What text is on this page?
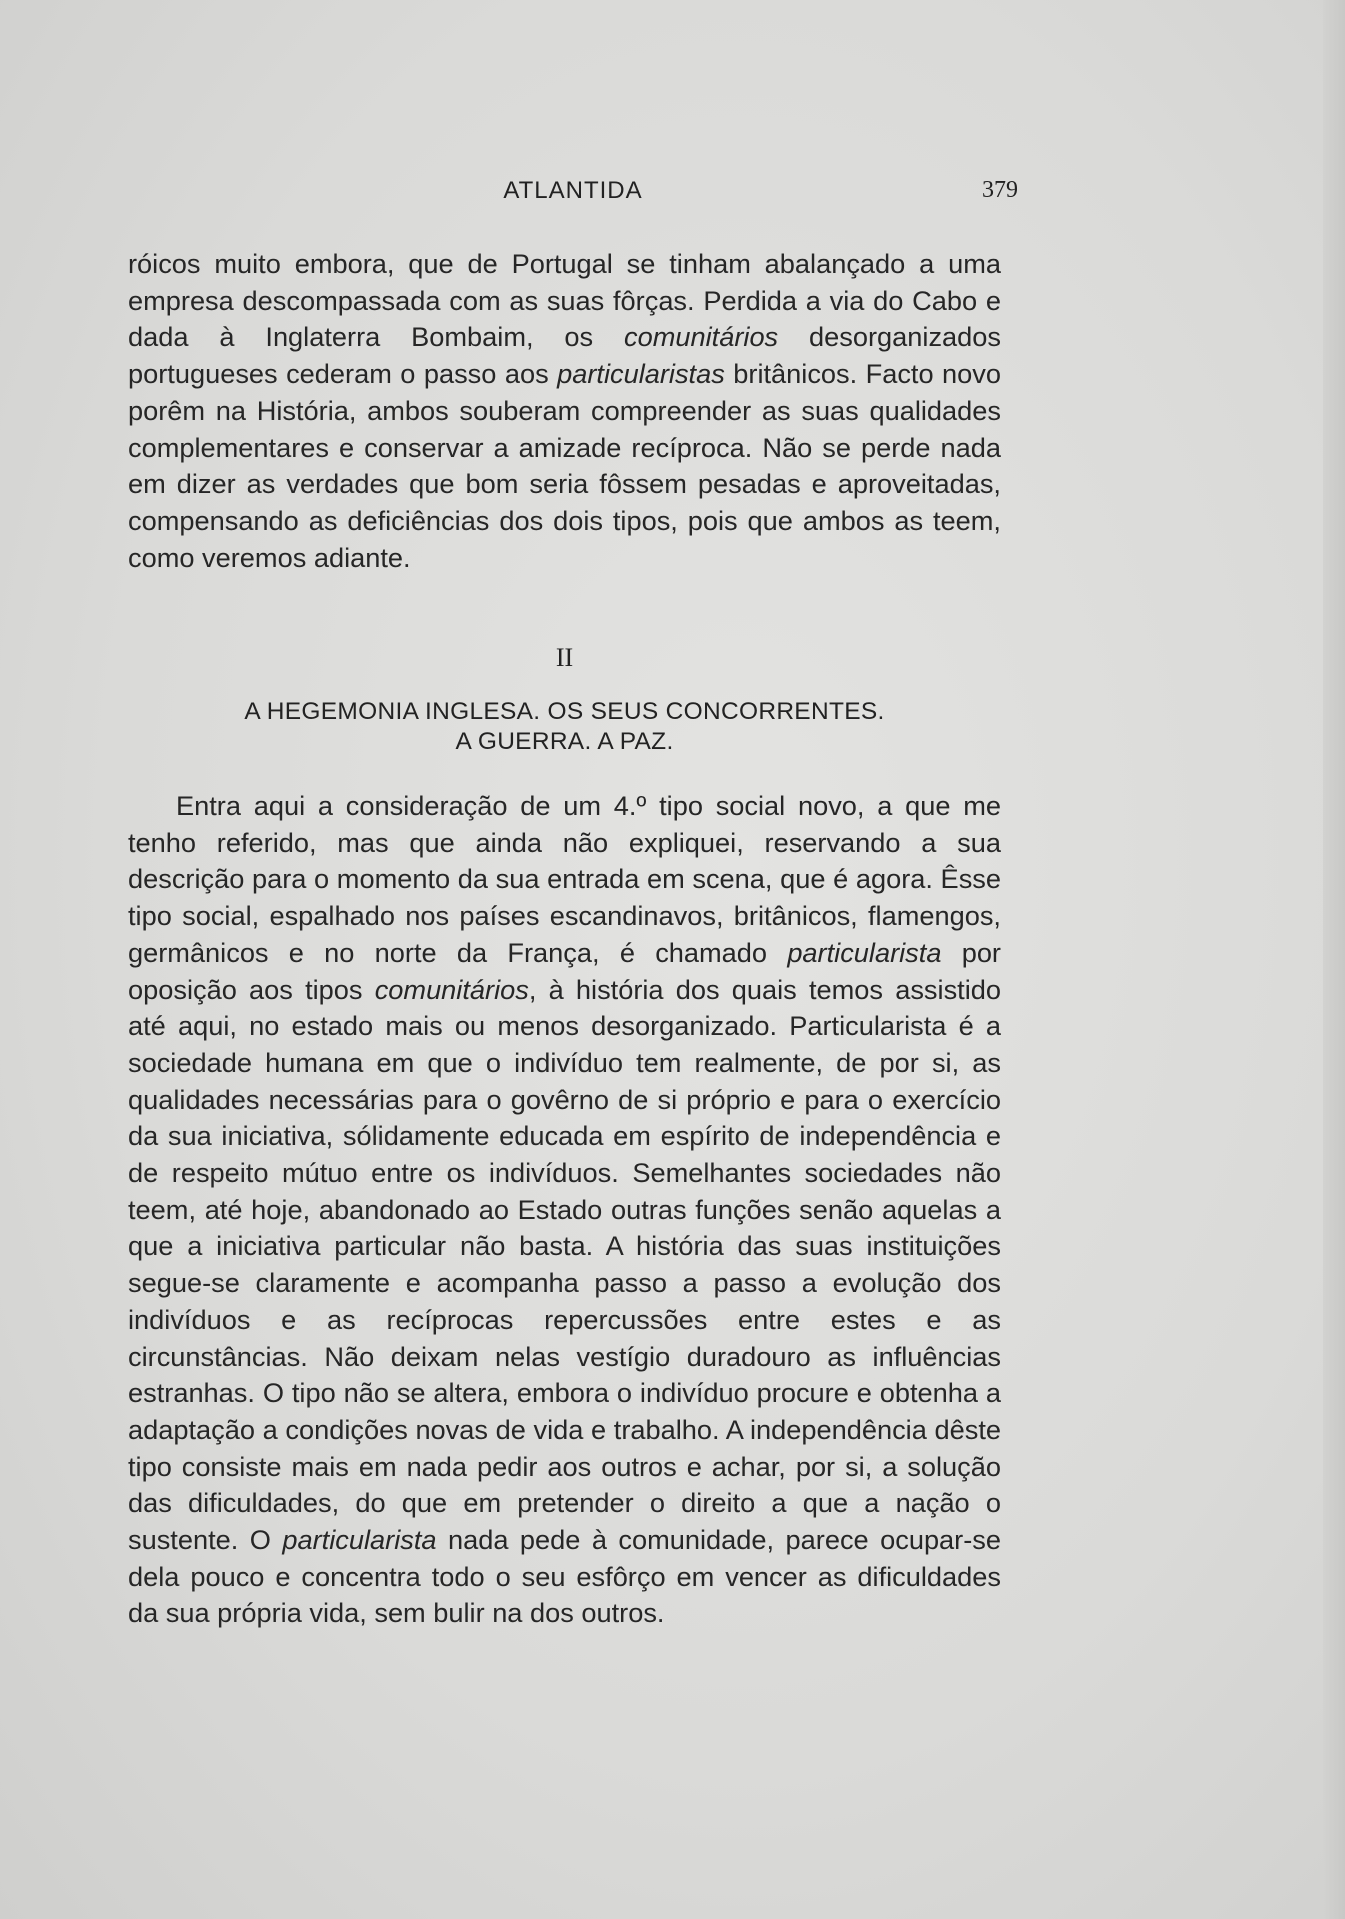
ATLANTIDA	379

róicos muito embora, que de Portugal se tinham abalançado a uma empresa descompassada com as suas fôrças. Perdida a via do Cabo e dada à Inglaterra Bombaim, os comunitários desorganizados portugueses cederam o passo aos particularistas britânicos. Facto novo porêm na História, ambos souberam compreender as suas qualidades complementares e conservar a amizade recíproca. Não se perde nada em dizer as verdades que bom seria fôssem pesadas e aproveitadas, compensando as deficiências dos dois tipos, pois que ambos as teem, como veremos adiante.

II
A HEGEMONIA INGLESA. OS SEUS CONCORRENTES.
A GUERRA. A PAZ.

Entra aqui a consideração de um 4.º tipo social novo, a que me tenho referido, mas que ainda não expliquei, reservando a sua descrição para o momento da sua entrada em scena, que é agora. Êsse tipo social, espalhado nos países escandinavos, britânicos, flamengos, germânicos e no norte da França, é chamado particularista por oposição aos tipos comunitários, à história dos quais temos assistido até aqui, no estado mais ou menos desorganizado. Particularista é a sociedade humana em que o indivíduo tem realmente, de por si, as qualidades necessárias para o govêrno de si próprio e para o exercício da sua iniciativa, sólidamente educada em espírito de independência e de respeito mútuo entre os indivíduos. Semelhantes sociedades não teem, até hoje, abandonado ao Estado outras funções senão aquelas a que a iniciativa particular não basta. A história das suas instituições segue-se claramente e acompanha passo a passo a evolução dos indivíduos e as recíprocas repercussões entre estes e as circunstâncias. Não deixam nelas vestígio duradouro as influências estranhas. O tipo não se altera, embora o indivíduo procure e obtenha a adaptação a condições novas de vida e trabalho. A independência dêste tipo consiste mais em nada pedir aos outros e achar, por si, a solução das dificuldades, do que em pretender o direito a que a nação o sustente. O particularista nada pede à comunidade, parece ocupar-se dela pouco e concentra todo o seu esfôrço em vencer as dificuldades da sua própria vida, sem bulir na dos outros.
